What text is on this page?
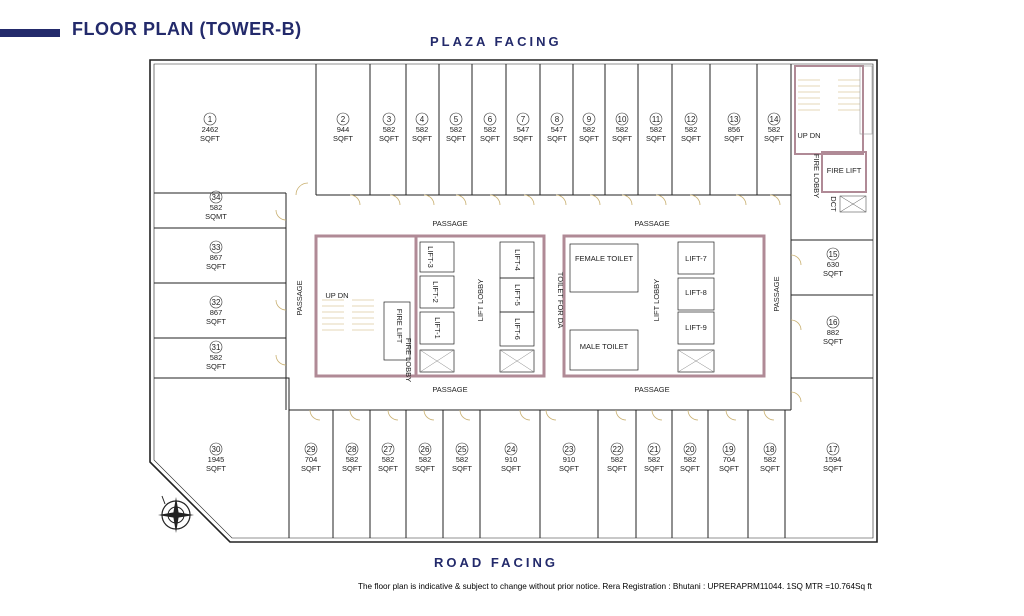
FLOOR PLAN (TOWER-B)
PLAZA FACING
ROAD FACING
The floor plan is indicative & subject to change without prior notice. Rera Registration : Bhutani : UPRERAPRM11044. 1SQ MTR =10.764Sq ft
1
2462
SQFT
2
944
SQFT
3
582
SQFT
4
582
SQFT
5
582
SQFT
6
582
SQFT
7
547
SQFT
8
547
SQFT
9
582
SQFT
10
582
SQFT
11
582
SQFT
12
582
SQFT
13
856
SQFT
14
582
SQFT
15
630
SQFT
16
882
SQFT
17
1594
SQFT
18
582
SQFT
19
704
SQFT
20
582
SQFT
21
582
SQFT
22
582
SQFT
23
910
SQFT
24
910
SQFT
25
582
SQFT
26
582
SQFT
27
582
SQFT
28
582
SQFT
29
704
SQFT
30
1945
SQFT
31
582
SQFT
32
867
SQFT
33
867
SQFT
34
582
SQMT
PASSAGE	PASSAGE
PASSAGE	PASSAGE
PASSAGE	PASSAGE
LIFT LOBBY	LIFT LOBBY
FEMALE TOILET
MALE TOILET
TOILET FOR DA
LIFT-3
LIFT-2
LIFT-1
LIFT-4
LIFT-5
LIFT-6
LIFT-7
LIFT-8
LIFT-9
UP DN
UP DN
FIRE LIFT
FIRE LIFT
FIRE LOBBY
FIRE LOBBY
DCT
